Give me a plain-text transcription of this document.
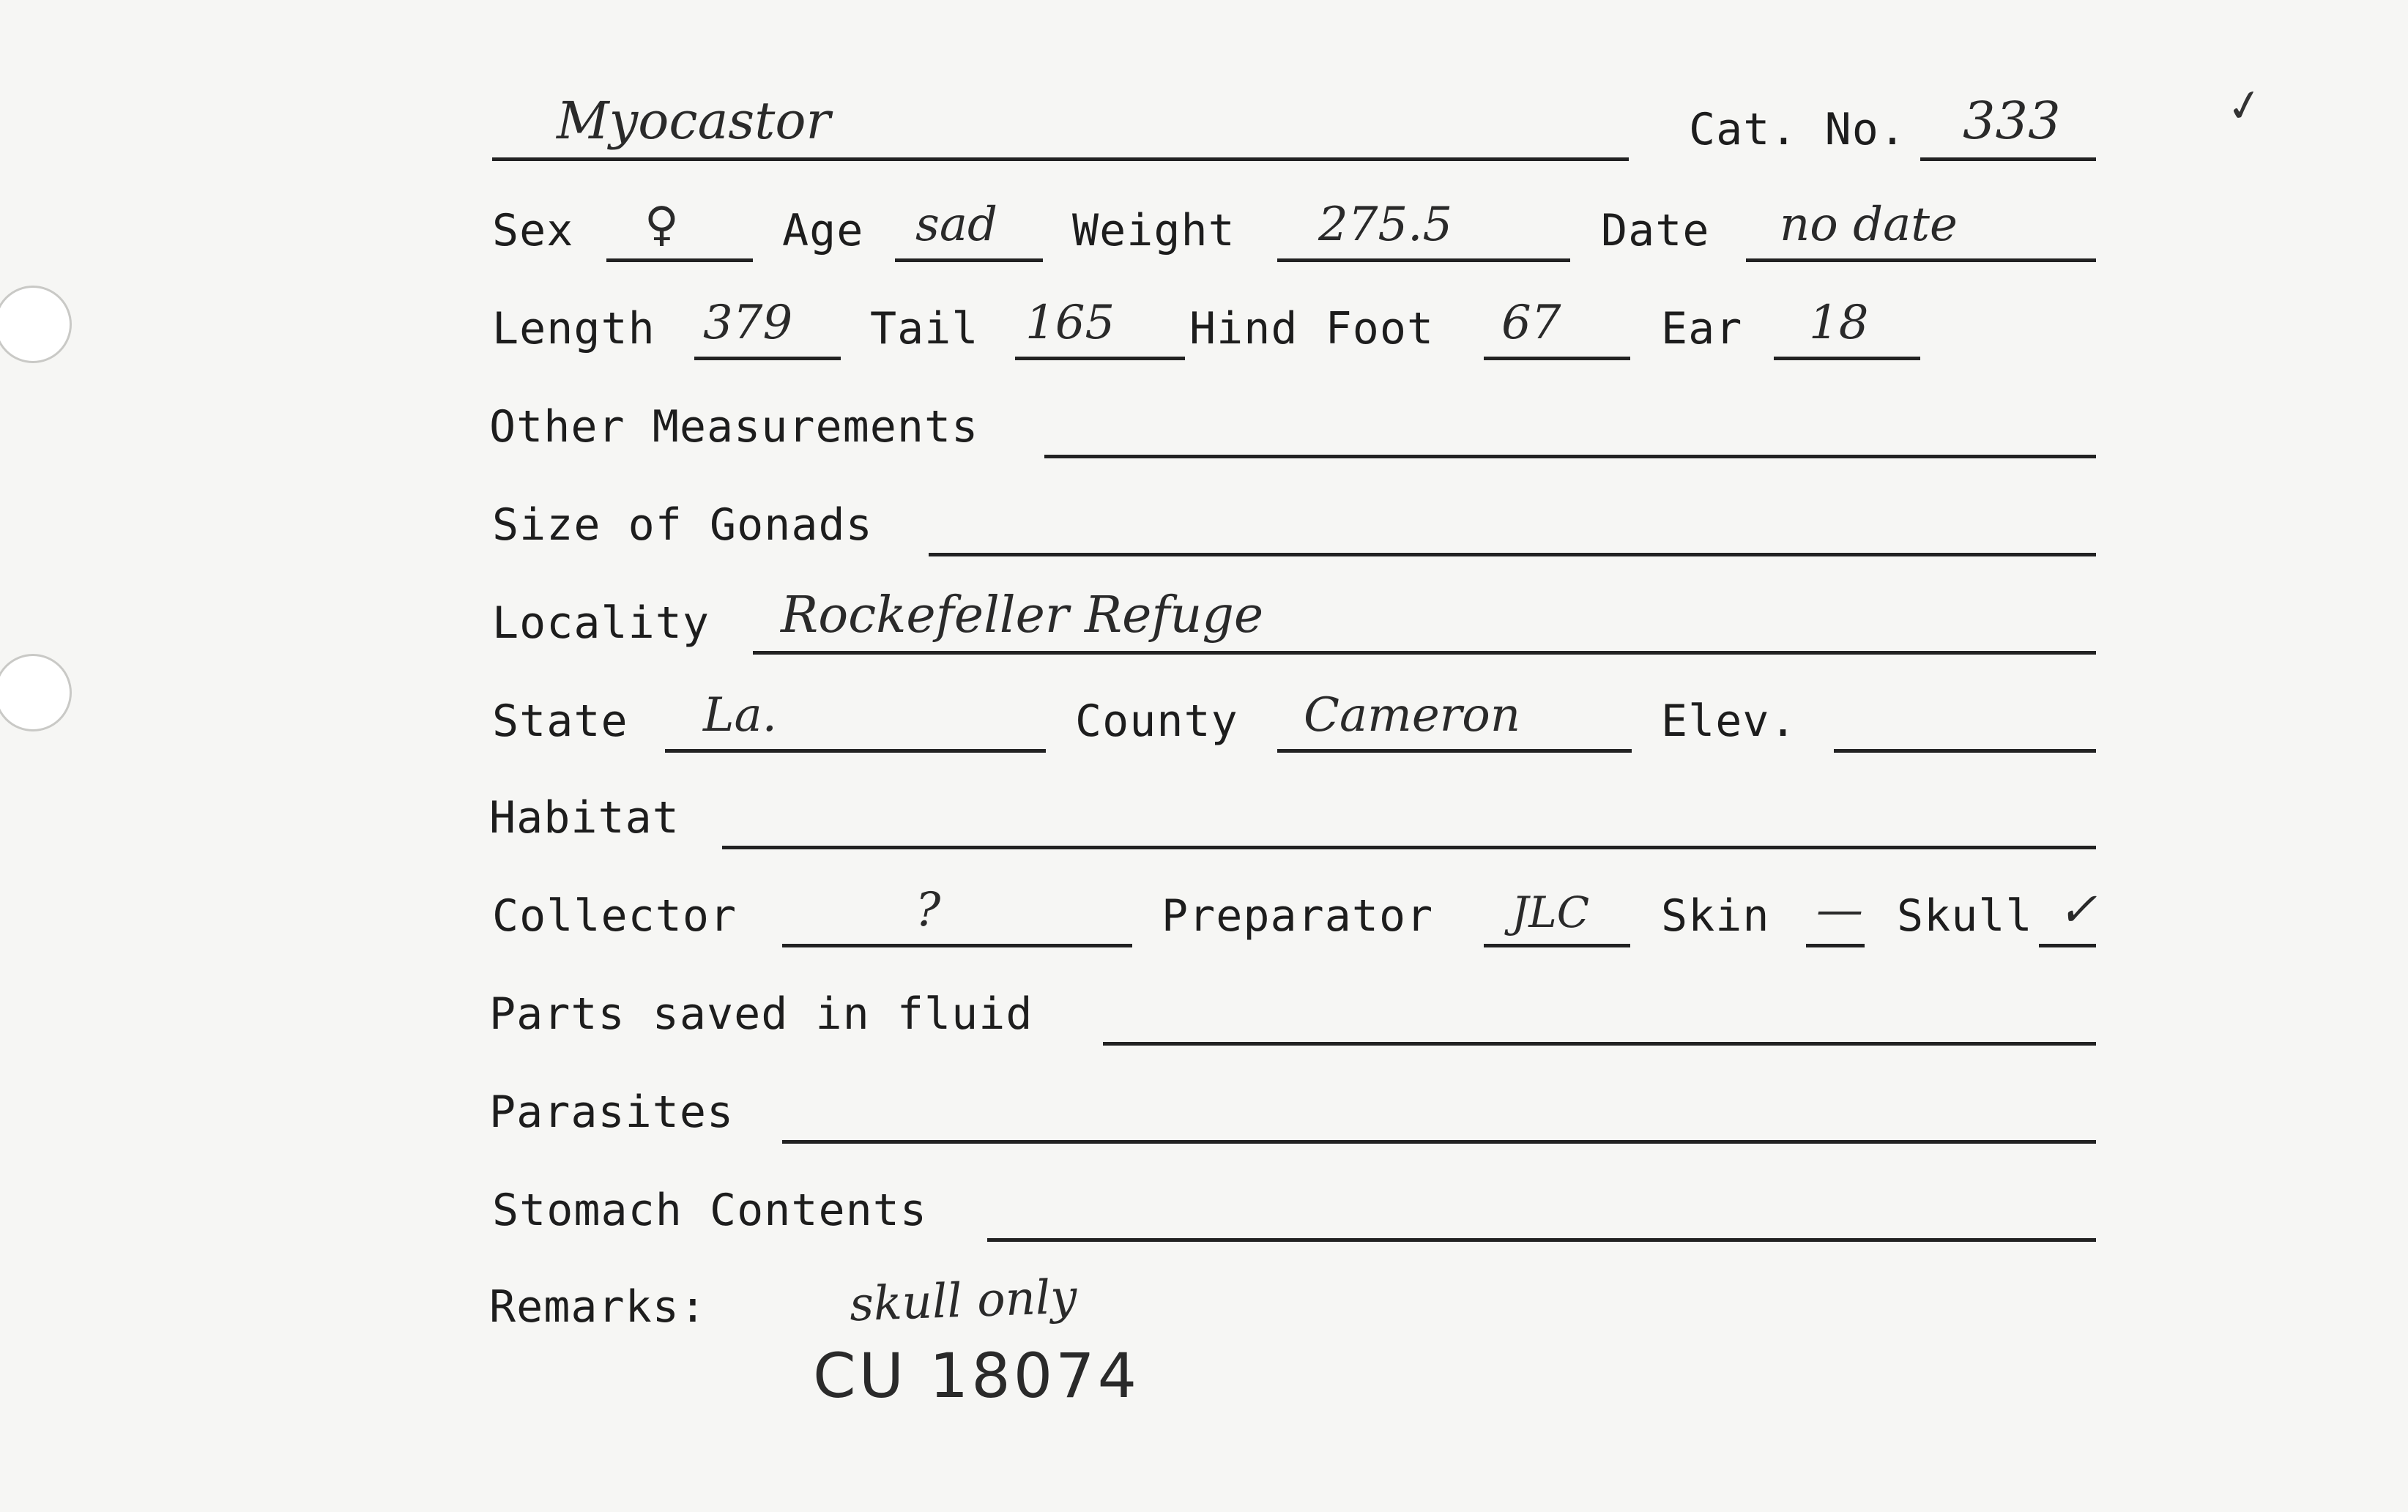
✓
Myocastor	Cat. No. 333
Sex ♀ Age sad Weight 275.5	Date no date
Length 379 Tail 165 Hind Foot 67 Ear 18
Other Measurements
Size of Gonads
Locality Rockefeller Refuge
State La.	County Cameron	Elev.
Habitat
Collector	?	Preparator JLC Skin — Skull ✓
Parts saved in fluid
Parasites
Stomach Contents
Remarks:	skull only
CU 18074
